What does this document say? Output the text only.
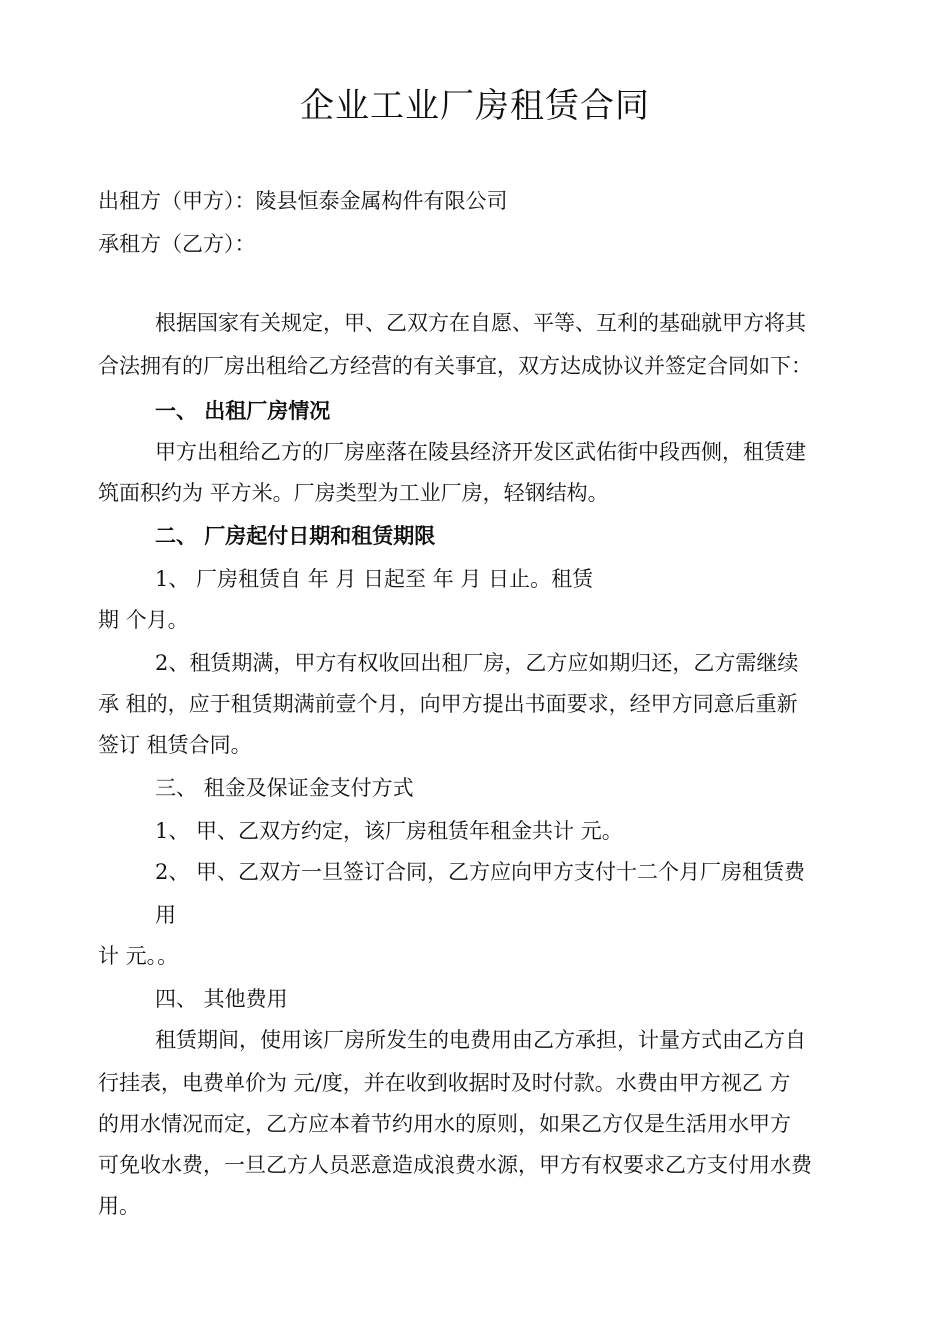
企业工业厂房租赁合同
出租方（甲方）：陵县恒泰金属构件有限公司
承租方（乙方）：
根据国家有关规定，甲、乙双方在自愿、平等、互利的基础就甲方将其
合法拥有的厂房出租给乙方经营的有关事宜，双方达成协议并签定合同如下：
一、 出租厂房情况
甲方出租给乙方的厂房座落在陵县经济开发区武佑街中段西侧，租赁建
筑面积约为 平方米。厂房类型为工业厂房，轻钢结构。
二、 厂房起付日期和租赁期限
1、 厂房租赁自 年 月 日起至 年 月 日止。租赁
期 个月。
2、租赁期满，甲方有权收回出租厂房，乙方应如期归还，乙方需继续
承 租的，应于租赁期满前壹个月，向甲方提出书面要求，经甲方同意后重新
签订 租赁合同。
三、 租金及保证金支付方式
1、 甲、乙双方约定，该厂房租赁年租金共计 元。
2、 甲、乙双方一旦签订合同，乙方应向甲方支付十二个月厂房租赁费
用
计 元。。
四、 其他费用
租赁期间，使用该厂房所发生的电费用由乙方承担，计量方式由乙方自
行挂表，电费单价为 元/度，并在收到收据时及时付款。水费由甲方视乙 方
的用水情况而定，乙方应本着节约用水的原则，如果乙方仅是生活用水甲方
可免收水费，一旦乙方人员恶意造成浪费水源，甲方有权要求乙方支付用水费
用。
